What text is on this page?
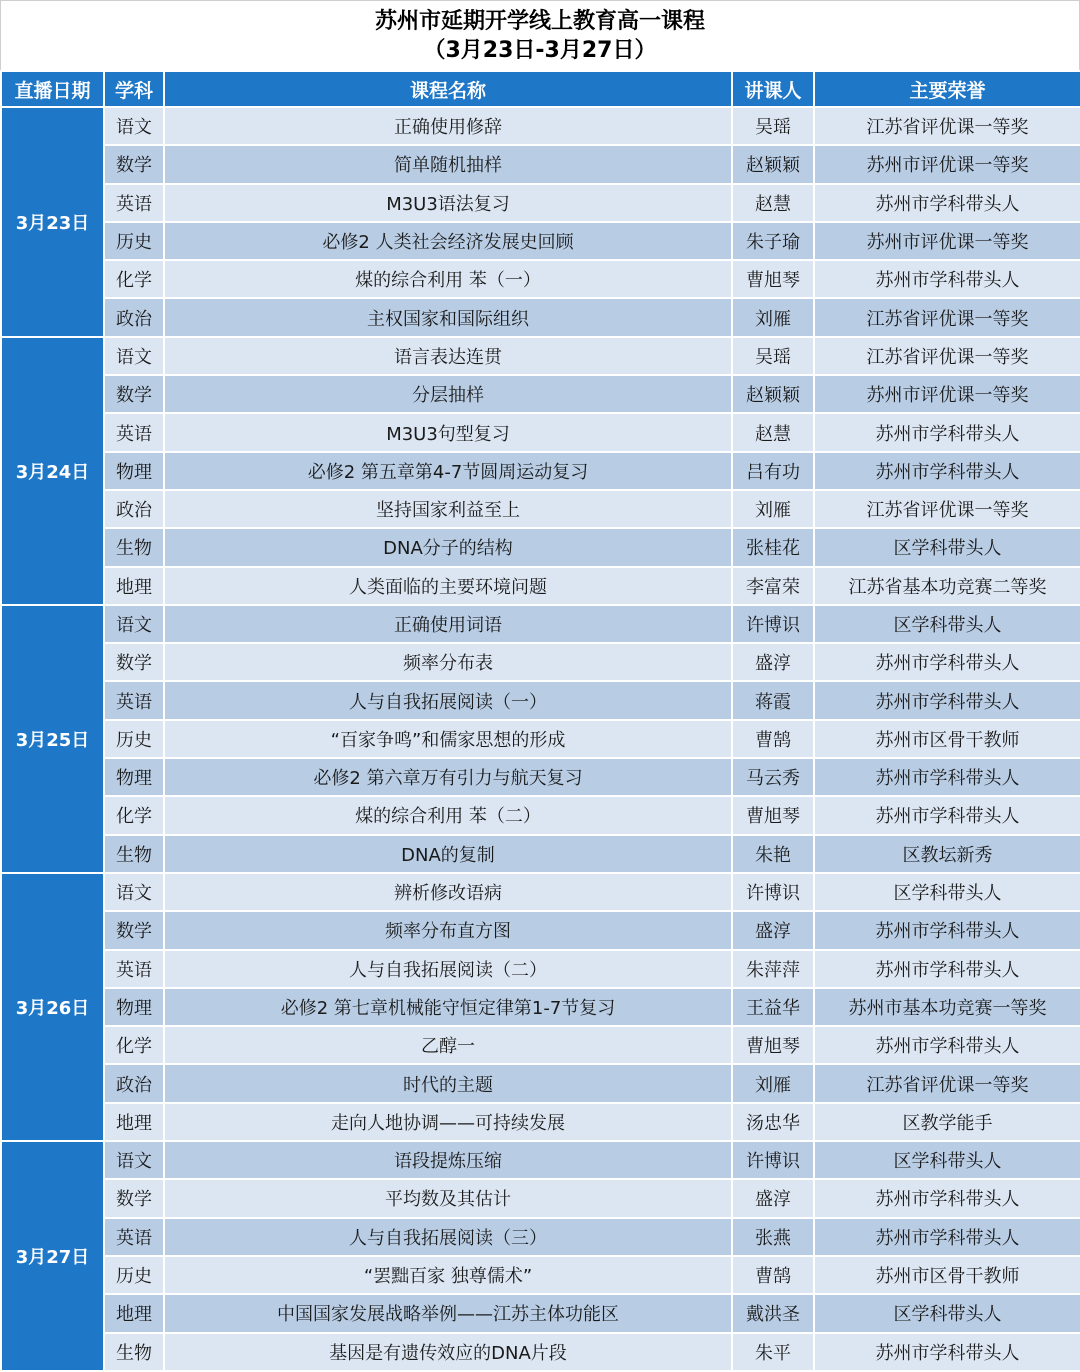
苏州市延期开学线上教育高一课程
（3月23日-3月27日）
直播日期	学科	课程名称	讲课人	主要荣誉
3月23日	语文	正确使用修辞	吴瑶	江苏省评优课一等奖
	数学	简单随机抽样	赵颖颖	苏州市评优课一等奖
	英语	M3U3语法复习	赵慧	苏州市学科带头人
	历史	必修2 人类社会经济发展史回顾	朱子瑜	苏州市评优课一等奖
	化学	煤的综合利用 苯（一）	曹旭琴	苏州市学科带头人
	政治	主权国家和国际组织	刘雁	江苏省评优课一等奖
3月24日	语文	语言表达连贯	吴瑶	江苏省评优课一等奖
	数学	分层抽样	赵颖颖	苏州市评优课一等奖
	英语	M3U3句型复习	赵慧	苏州市学科带头人
	物理	必修2 第五章第4-7节圆周运动复习	吕有功	苏州市学科带头人
	政治	坚持国家利益至上	刘雁	江苏省评优课一等奖
	生物	DNA分子的结构	张桂花	区学科带头人
	地理	人类面临的主要环境问题	李富荣	江苏省基本功竞赛二等奖
3月25日	语文	正确使用词语	许博识	区学科带头人
	数学	频率分布表	盛淳	苏州市学科带头人
	英语	人与自我拓展阅读（一）	蒋霞	苏州市学科带头人
	历史	“百家争鸣”和儒家思想的形成	曹鹄	苏州市区骨干教师
	物理	必修2 第六章万有引力与航天复习	马云秀	苏州市学科带头人
	化学	煤的综合利用 苯（二）	曹旭琴	苏州市学科带头人
	生物	DNA的复制	朱艳	区教坛新秀
3月26日	语文	辨析修改语病	许博识	区学科带头人
	数学	频率分布直方图	盛淳	苏州市学科带头人
	英语	人与自我拓展阅读（二）	朱萍萍	苏州市学科带头人
	物理	必修2 第七章机械能守恒定律第1-7节复习	王益华	苏州市基本功竞赛一等奖
	化学	乙醇一	曹旭琴	苏州市学科带头人
	政治	时代的主题	刘雁	江苏省评优课一等奖
	地理	走向人地协调——可持续发展	汤忠华	区教学能手
3月27日	语文	语段提炼压缩	许博识	区学科带头人
	数学	平均数及其估计	盛淳	苏州市学科带头人
	英语	人与自我拓展阅读（三）	张燕	苏州市学科带头人
	历史	“罢黜百家 独尊儒术”	曹鹄	苏州市区骨干教师
	地理	中国国家发展战略举例——江苏主体功能区	戴洪圣	区学科带头人
	生物	基因是有遗传效应的DNA片段	朱平	苏州市学科带头人
